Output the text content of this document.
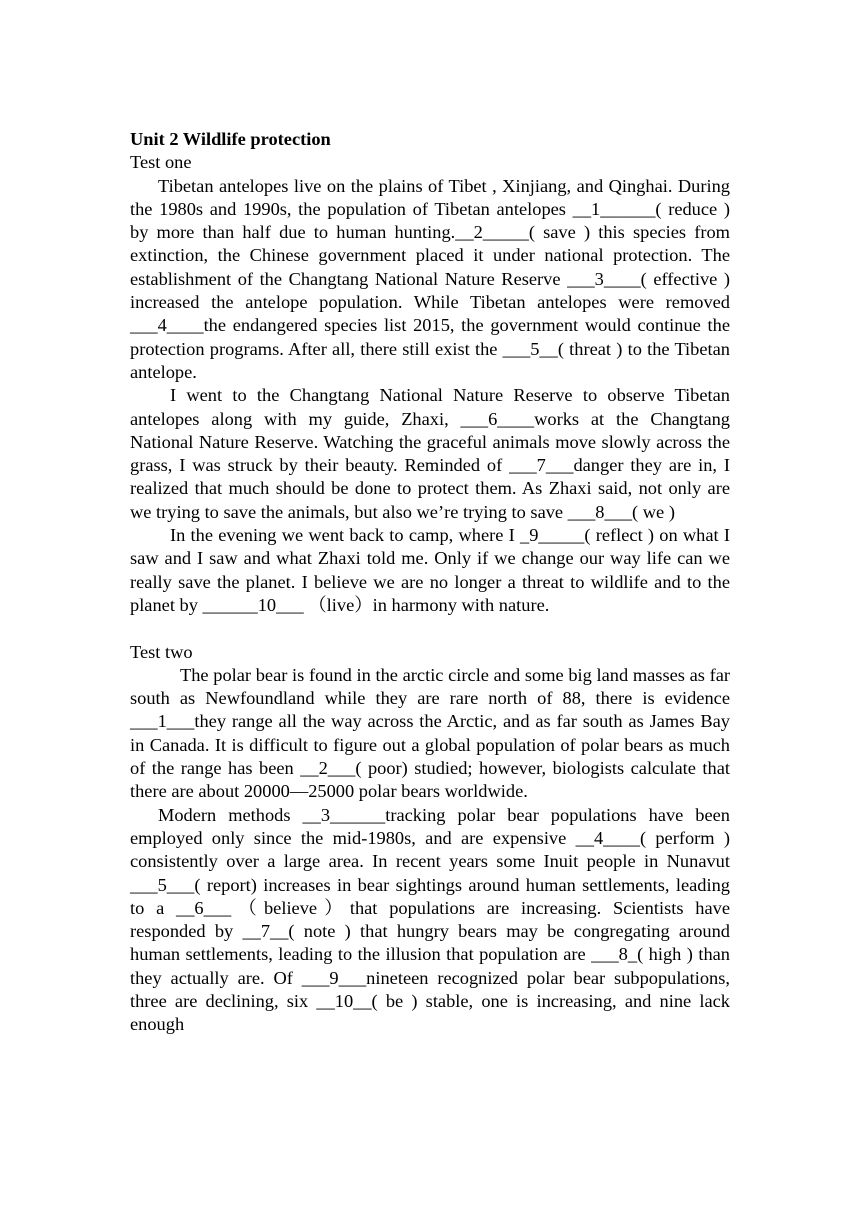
Unit 2 Wildlife protection

Test one

Tibetan antelopes live on the plains of Tibet , Xinjiang, and Qinghai. During the 1980s and 1990s, the population of Tibetan antelopes __1______( reduce ) by more than half due to human hunting.__2_____( save ) this species from extinction, the Chinese government placed it under national protection. The establishment of the Changtang National Nature Reserve ___3____( effective ) increased the antelope population. While Tibetan antelopes were removed ___4____the endangered species list 2015, the government would continue the protection programs. After all, there still exist the ___5__( threat ) to the Tibetan antelope.

I went to the Changtang National Nature Reserve to observe Tibetan antelopes along with my guide, Zhaxi, ___6____works at the Changtang National Nature Reserve. Watching the graceful animals move slowly across the grass, I was struck by their beauty. Reminded of ___7___danger they are in, I realized that much should be done to protect them. As Zhaxi said, not only are we trying to save the animals, but also we’re trying to save ___8___( we )

In the evening we went back to camp, where I _9_____( reflect ) on what I saw and I saw and what Zhaxi told me. Only if we change our way life can we really save the planet. I believe we are no longer a threat to wildlife and to the planet by ______10___ （live）in harmony with nature.

Test two

The polar bear is found in the arctic circle and some big land masses as far south as Newfoundland while they are rare north of 88, there is evidence ___1___they range all the way across the Arctic, and as far south as James Bay in Canada. It is difficult to figure out a global population of polar bears as much of the range has been __2___( poor) studied; however, biologists calculate that there are about 20000—25000 polar bears worldwide.

Modern methods __3______tracking polar bear populations have been employed only since the mid-1980s, and are expensive __4____( perform ) consistently over a large area. In recent years some Inuit people in Nunavut ___5___( report) increases in bear sightings around human settlements, leading to a __6___（believe）that populations are increasing. Scientists have responded by __7__( note ) that hungry bears may be congregating around human settlements, leading to the illusion that population are ___8_( high ) than they actually are. Of ___9___nineteen recognized polar bear subpopulations, three are declining, six __10__( be ) stable, one is increasing, and nine lack enough
